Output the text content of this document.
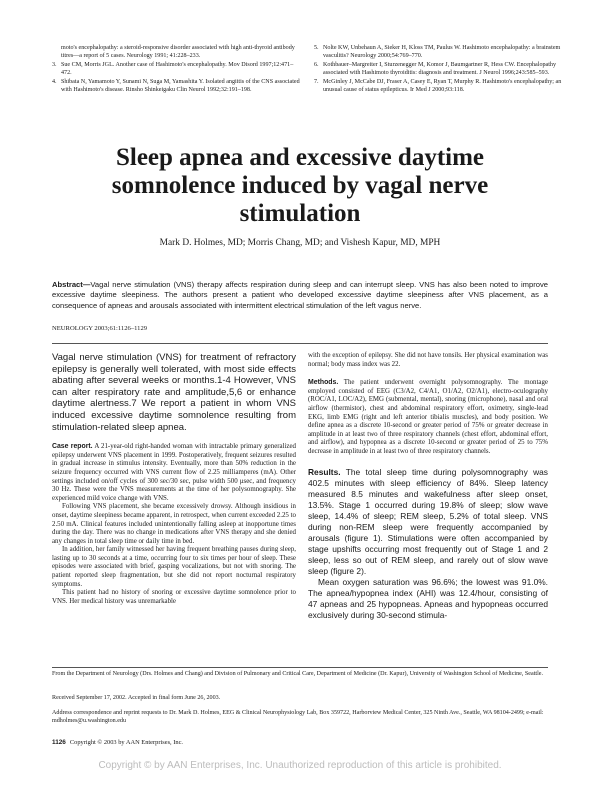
moto's encephalopathy: a steroid-responsive disorder associated with high anti-thyroid antibody titres—a report of 5 cases. Neurology 1991; 41:228–233.
3. Sue CM, Morris JGL. Another case of Hashimoto's encephalopathy. Mov Disord 1997;12:471–472.
4. Shibata N, Yamamoto Y, Sunami N, Suga M, Yamashita Y. Isolated angiitis of the CNS associated with Hashimoto's disease. Rinsho Shinkeigaku Clin Neurol 1992;32:191–198.
5. Nolte KW, Unbehaun A, Sieker H, Kloss TM, Paulus W. Hashimoto encephalopathy: a brainstem vasculitis? Neurology 2000;54:769–770.
6. Kothbauer–Margreiter I, Sturzenegger M, Komor J, Baumgartner R, Hess CW. Encephalopathy associated with Hashimoto thyroiditis: diagnosis and treatment. J Neurol 1996;243:585–593.
7. McGinley J, McCabe DJ, Fraser A, Casey E, Ryan T, Murphy R. Hashimoto's encephalopathy; an unusual cause of status epilepticus. Ir Med J 2000;93:118.
Sleep apnea and excessive daytime somnolence induced by vagal nerve stimulation
Mark D. Holmes, MD; Morris Chang, MD; and Vishesh Kapur, MD, MPH

Abstract—Vagal nerve stimulation (VNS) therapy affects respiration during sleep and can interrupt sleep. VNS has also been noted to improve excessive daytime sleepiness. The authors present a patient who developed excessive daytime sleepiness after VNS placement, as a consequence of apneas and arousals associated with intermittent electrical stimulation of the left vagus nerve.

NEUROLOGY 2003;61:1126–1129

Vagal nerve stimulation (VNS) for treatment of refractory epilepsy is generally well tolerated, with most side effects abating after several weeks or months.1-4 However, VNS can alter respiratory rate and amplitude,5,6 or enhance daytime alertness.7 We report a patient in whom VNS induced excessive daytime somnolence resulting from stimulation-related sleep apnea.

Case report. A 21-year-old right-handed woman with intractable primary generalized epilepsy underwent VNS placement in 1999. Postoperatively, frequent seizures resulted in gradual increase in stimulus intensity. Eventually, more than 50% reduction in the seizure frequency occurred with VNS current flow of 2.25 milliamperes (mA). Other settings included on/off cycles of 300 sec/30 sec, pulse width 500 μsec, and frequency 30 Hz. These were the VNS measurements at the time of her polysomnography. She experienced mild voice change with VNS.

Following VNS placement, she became excessively drowsy. Although insidious in onset, daytime sleepiness became apparent, in retrospect, when current exceeded 2.25 to 2.50 mA. Clinical features included unintentionally falling asleep at inopportune times during the day. There was no change in medications after VNS therapy and she denied any changes in total sleep time or daily time in bed.

In addition, her family witnessed her having frequent breathing pauses during sleep, lasting up to 30 seconds at a time, occurring four to six times per hour of sleep. These episodes were associated with brief, gasping vocalizations, but not with snoring. The patient reported sleep fragmentation, but she did not report nocturnal respiratory symptoms.

This patient had no history of snoring or excessive daytime somnolence prior to VNS. Her medical history was unremarkable

with the exception of epilepsy. She did not have tonsils. Her physical examination was normal; body mass index was 22.

Methods. The patient underwent overnight polysomnography. The montage employed consisted of EEG (C3/A2, C4/A1, O1/A2, O2/A1), electro-oculography (ROC/A1, LOC/A2), EMG (submental, mental), snoring (microphone), nasal and oral airflow (thermistor), chest and abdominal respiratory effort, oximetry, single-lead EKG, limb EMG (right and left anterior tibialis muscles), and body position. We define apnea as a discrete 10-second or greater period of 75% or greater decrease in amplitude in at least two of three respiratory channels (chest effort, abdominal effort, and airflow), and hypopnea as a discrete 10-second or greater period of 25 to 75% decrease in amplitude in at least two of three respiratory channels.

Results. The total sleep time during polysomnography was 402.5 minutes with sleep efficiency of 84%. Sleep latency measured 8.5 minutes and wakefulness after sleep onset, 13.5%. Stage 1 occurred during 19.8% of sleep; slow wave sleep, 14.4% of sleep; REM sleep, 5.2% of total sleep. VNS during non-REM sleep were frequently accompanied by arousals (figure 1). Stimulations were often accompanied by stage upshifts occurring most frequently out of Stage 1 and 2 sleep, less so out of REM sleep, and rarely out of slow wave sleep (figure 2).

Mean oxygen saturation was 96.6%; the lowest was 91.0%. The apnea/hypopnea index (AHI) was 12.4/hour, consisting of 47 apneas and 25 hypopneas. Apneas and hypopneas occurred exclusively during 30-second stimula-

From the Department of Neurology (Drs. Holmes and Chang) and Division of Pulmonary and Critical Care, Department of Medicine (Dr. Kapur), University of Washington School of Medicine, Seattle.

Received September 17, 2002. Accepted in final form June 26, 2003.

Address correspondence and reprint requests to Dr. Mark D. Holmes, EEG & Clinical Neurophysiology Lab, Box 359722, Harborview Medical Center, 325 Ninth Ave., Seattle, WA 98104-2499; e-mail: mdholmes@u.washington.edu

1126 Copyright © 2003 by AAN Enterprises, Inc.
Copyright © by AAN Enterprises, Inc. Unauthorized reproduction of this article is prohibited.
